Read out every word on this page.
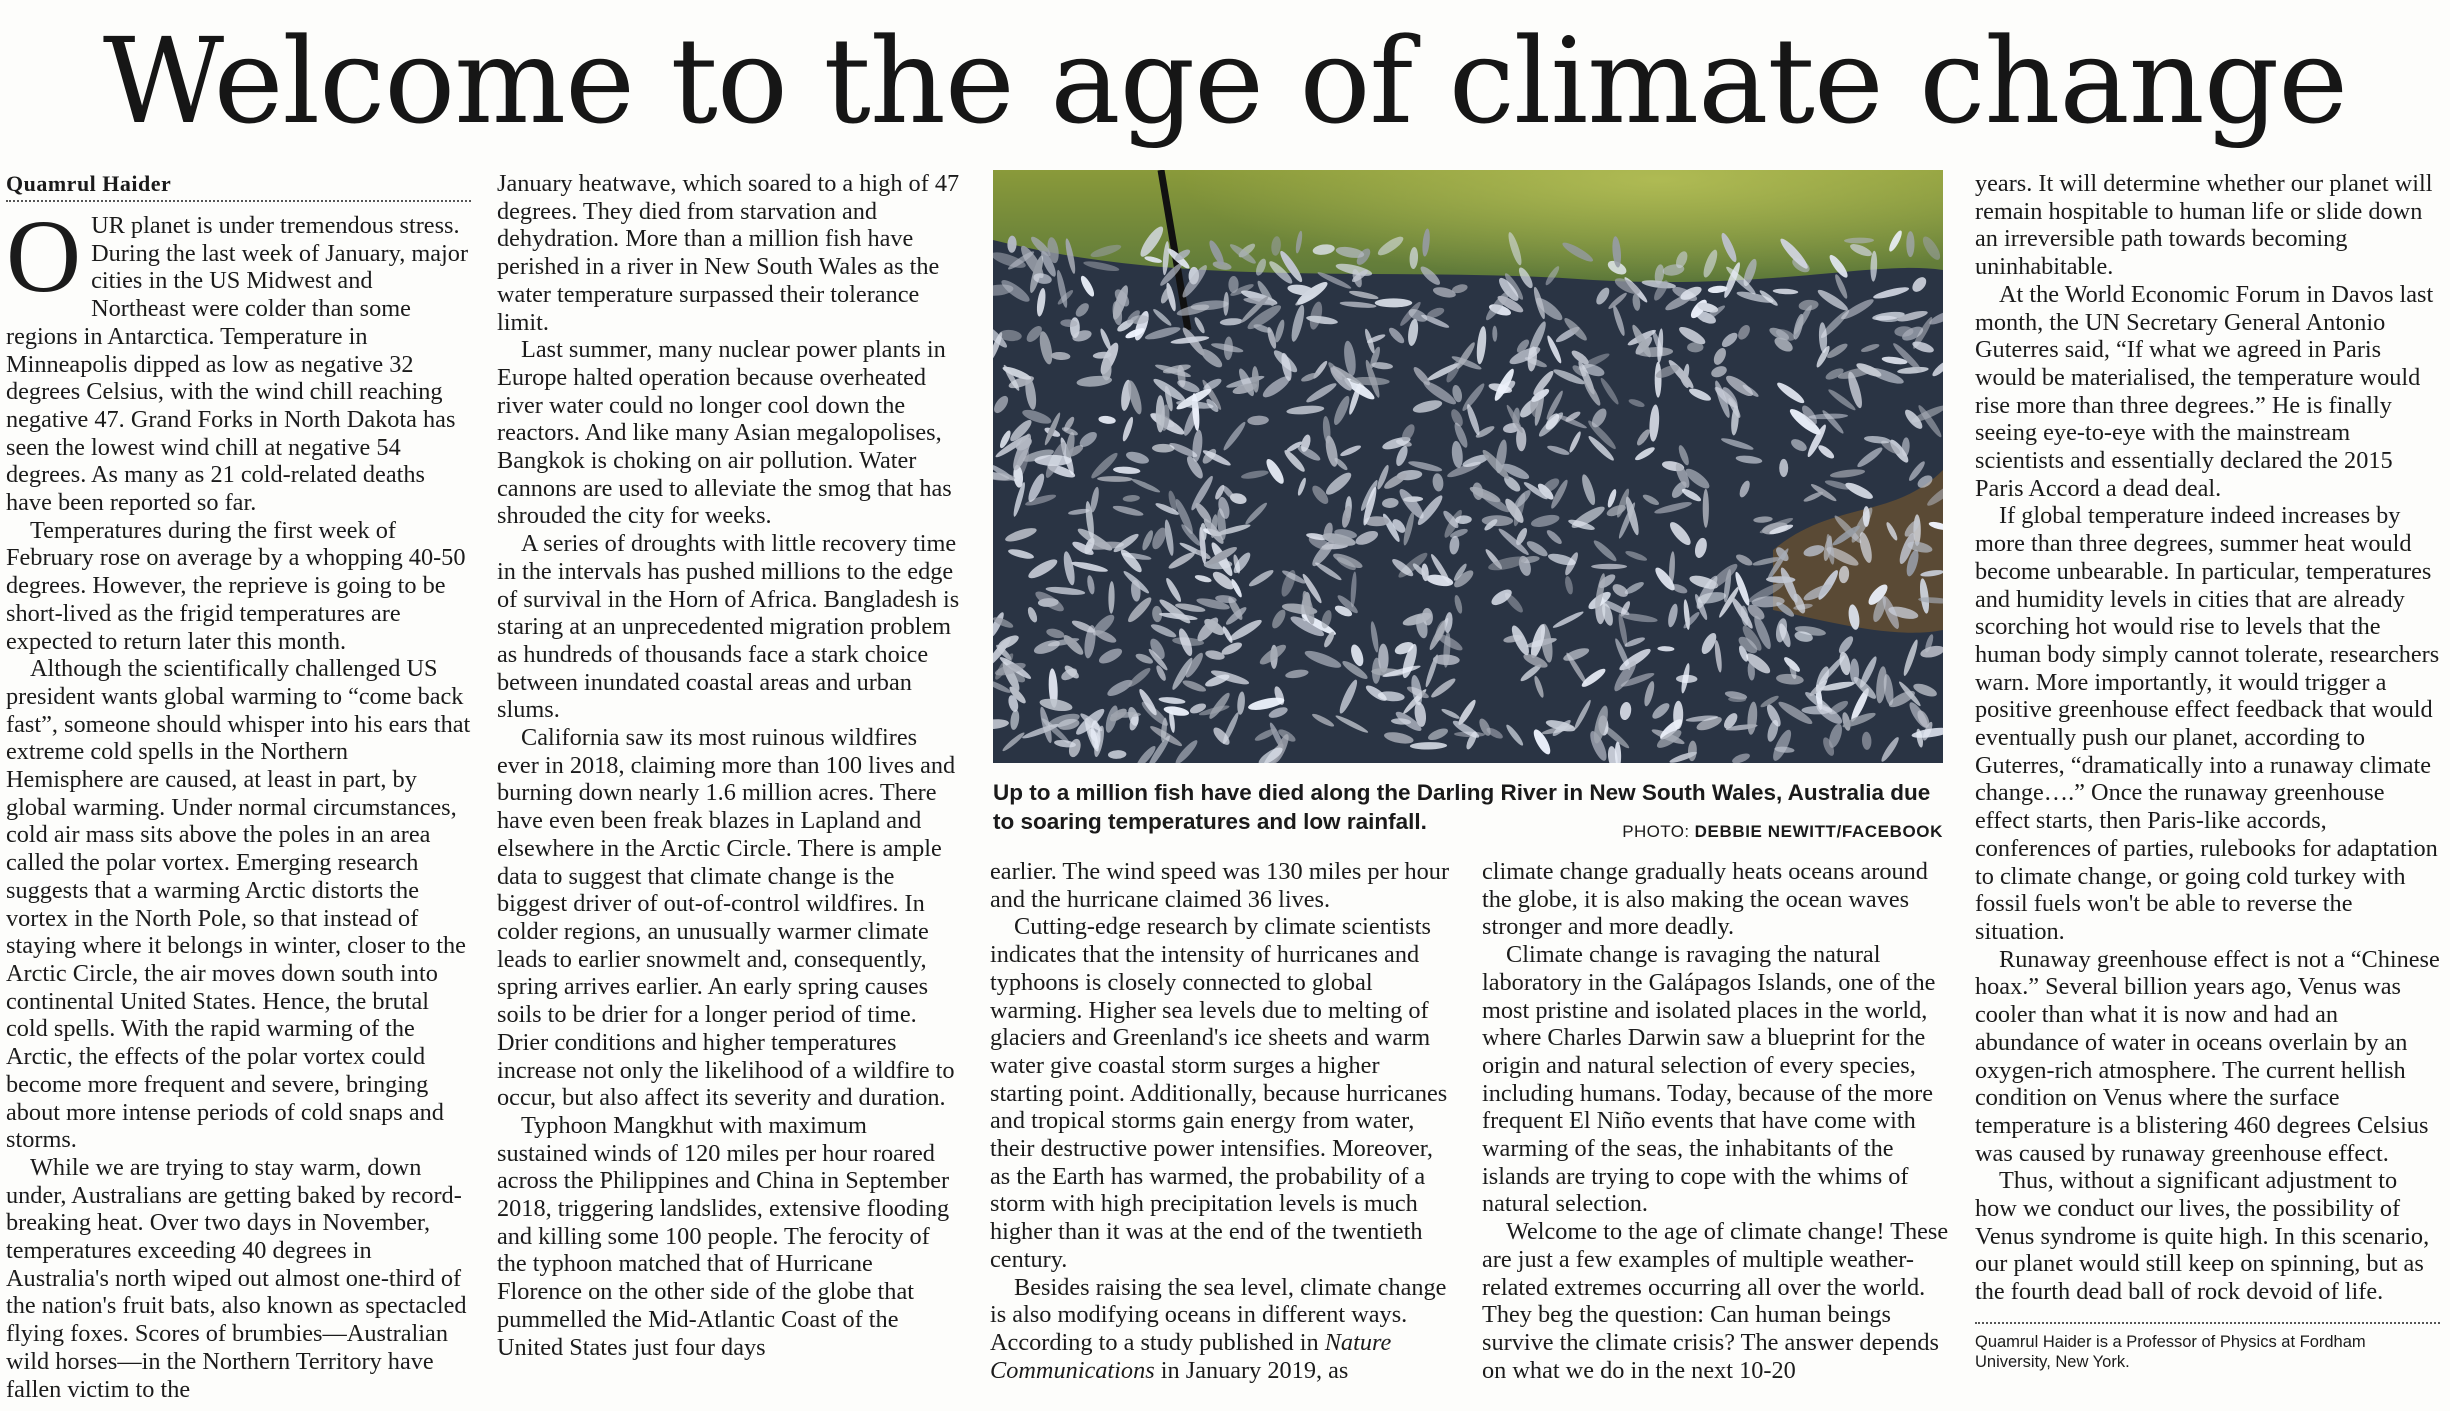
Welcome to the age of climate change
Quamrul Haider

OUR planet is under tremendous stress. During the last week of January, major cities in the US Midwest and Northeast were colder than some regions in Antarctica. Temperature in Minneapolis dipped as low as negative 32 degrees Celsius, with the wind chill reaching negative 47. Grand Forks in North Dakota has seen the lowest wind chill at negative 54 degrees. As many as 21 cold-related deaths have been reported so far.

Temperatures during the first week of February rose on average by a whopping 40-50 degrees. However, the reprieve is going to be short-lived as the frigid temperatures are expected to return later this month.

Although the scientifically challenged US president wants global warming to “come back fast”, someone should whisper into his ears that extreme cold spells in the Northern Hemisphere are caused, at least in part, by global warming. Under normal circumstances, cold air mass sits above the poles in an area called the polar vortex. Emerging research suggests that a warming Arctic distorts the vortex in the North Pole, so that instead of staying where it belongs in winter, closer to the Arctic Circle, the air moves down south into continental United States. Hence, the brutal cold spells. With the rapid warming of the Arctic, the effects of the polar vortex could become more frequent and severe, bringing about more intense periods of cold snaps and storms.

While we are trying to stay warm, down under, Australians are getting baked by record-breaking heat. Over two days in November, temperatures exceeding 40 degrees in Australia's north wiped out almost one-third of the nation's fruit bats, also known as spectacled flying foxes. Scores of brumbies—Australian wild horses—in the Northern Territory have fallen victim to the

January heatwave, which soared to a high of 47 degrees. They died from starvation and dehydration. More than a million fish have perished in a river in New South Wales as the water temperature surpassed their tolerance limit.

Last summer, many nuclear power plants in Europe halted operation because overheated river water could no longer cool down the reactors. And like many Asian megalopolises, Bangkok is choking on air pollution. Water cannons are used to alleviate the smog that has shrouded the city for weeks.

A series of droughts with little recovery time in the intervals has pushed millions to the edge of survival in the Horn of Africa. Bangladesh is staring at an unprecedented migration problem as hundreds of thousands face a stark choice between inundated coastal areas and urban slums.

California saw its most ruinous wildfires ever in 2018, claiming more than 100 lives and burning down nearly 1.6 million acres. There have even been freak blazes in Lapland and elsewhere in the Arctic Circle. There is ample data to suggest that climate change is the biggest driver of out-of-control wildfires. In colder regions, an unusually warmer climate leads to earlier snowmelt and, consequently, spring arrives earlier. An early spring causes soils to be drier for a longer period of time. Drier conditions and higher temperatures increase not only the likelihood of a wildfire to occur, but also affect its severity and duration.

Typhoon Mangkhut with maximum sustained winds of 120 miles per hour roared across the Philippines and China in September 2018, triggering landslides, extensive flooding and killing some 100 people. The ferocity of the typhoon matched that of Hurricane Florence on the other side of the globe that pummelled the Mid-Atlantic Coast of the United States just four days

Up to a million fish have died along the Darling River in New South Wales, Australia due to soaring temperatures and low rainfall.	PHOTO: DEBBIE NEWITT/FACEBOOK

earlier. The wind speed was 130 miles per hour and the hurricane claimed 36 lives.

Cutting-edge research by climate scientists indicates that the intensity of hurricanes and typhoons is closely connected to global warming. Higher sea levels due to melting of glaciers and Greenland's ice sheets and warm water give coastal storm surges a higher starting point. Additionally, because hurricanes and tropical storms gain energy from water, their destructive power intensifies. Moreover, as the Earth has warmed, the probability of a storm with high precipitation levels is much higher than it was at the end of the twentieth century.

Besides raising the sea level, climate change is also modifying oceans in different ways. According to a study published in Nature Communications in January 2019, as

climate change gradually heats oceans around the globe, it is also making the ocean waves stronger and more deadly.

Climate change is ravaging the natural laboratory in the Galápagos Islands, one of the most pristine and isolated places in the world, where Charles Darwin saw a blueprint for the origin and natural selection of every species, including humans. Today, because of the more frequent El Niño events that have come with warming of the seas, the inhabitants of the islands are trying to cope with the whims of natural selection.

Welcome to the age of climate change! These are just a few examples of multiple weather-related extremes occurring all over the world. They beg the question: Can human beings survive the climate crisis? The answer depends on what we do in the next 10-20

years. It will determine whether our planet will remain hospitable to human life or slide down an irreversible path towards becoming uninhabitable.

At the World Economic Forum in Davos last month, the UN Secretary General Antonio Guterres said, “If what we agreed in Paris would be materialised, the temperature would rise more than three degrees.” He is finally seeing eye-to-eye with the mainstream scientists and essentially declared the 2015 Paris Accord a dead deal.

If global temperature indeed increases by more than three degrees, summer heat would become unbearable. In particular, temperatures and humidity levels in cities that are already scorching hot would rise to levels that the human body simply cannot tolerate, researchers warn. More importantly, it would trigger a positive greenhouse effect feedback that would eventually push our planet, according to Guterres, “dramatically into a runaway climate change….” Once the runaway greenhouse effect starts, then Paris-like accords, conferences of parties, rulebooks for adaptation to climate change, or going cold turkey with fossil fuels won't be able to reverse the situation.

Runaway greenhouse effect is not a “Chinese hoax.” Several billion years ago, Venus was cooler than what it is now and had an abundance of water in oceans overlain by an oxygen-rich atmosphere. The current hellish condition on Venus where the surface temperature is a blistering 460 degrees Celsius was caused by runaway greenhouse effect.

Thus, without a significant adjustment to how we conduct our lives, the possibility of Venus syndrome is quite high. In this scenario, our planet would still keep on spinning, but as the fourth dead ball of rock devoid of life.

Quamrul Haider is a Professor of Physics at Fordham University, New York.
